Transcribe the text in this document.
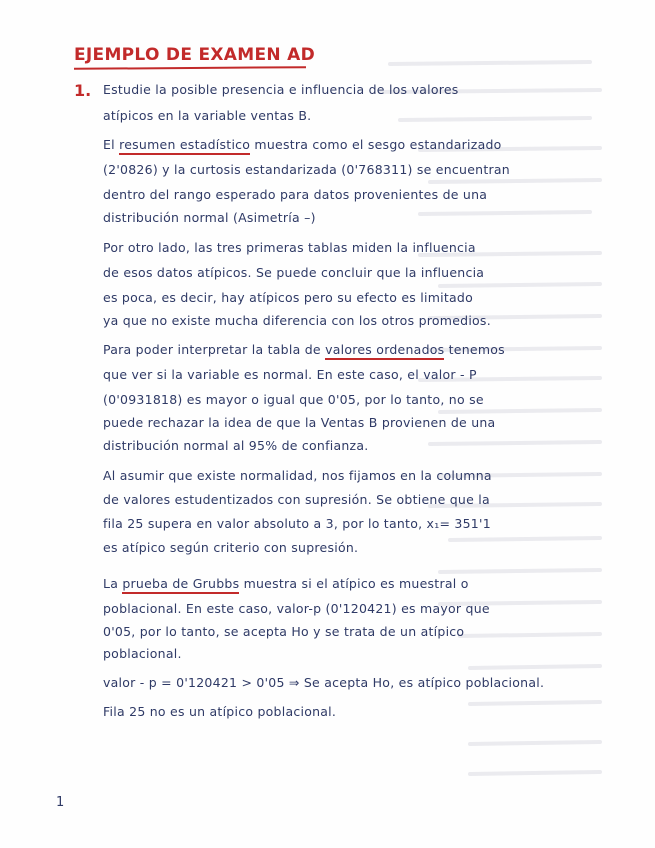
EJEMPLO DE EXAMEN AD
1. Estudie la posible presencia e influencia de los valores
atípicos en la variable ventas B.
El resumen estadístico muestra como el sesgo estandarizado
(2'0826) y la curtosis estandarizada (0'768311) se encuentran
dentro del rango esperado para datos provenientes de una
distribución normal (Asimetría –)
Por otro lado, las tres primeras tablas miden la influencia
de esos datos atípicos. Se puede concluir que la influencia
es poca, es decir, hay atípicos pero su efecto es limitado
ya que no existe mucha diferencia con los otros promedios.
Para poder interpretar la tabla de valores ordenados tenemos
que ver si la variable es normal. En este caso, el valor - P
(0'0931818) es mayor o igual que 0'05, por lo tanto, no se
puede rechazar la idea de que la Ventas B provienen de una
distribución normal al 95% de confianza.
Al asumir que existe normalidad, nos fijamos en la columna
de valores estudentizados con supresión. Se obtiene que la
fila 25 supera en valor absoluto a 3, por lo tanto, x₁= 351'1
es atípico según criterio con supresión.
La prueba de Grubbs muestra si el atípico es muestral o
poblacional. En este caso, valor-p (0'120421) es mayor que
0'05, por lo tanto, se acepta Ho y se trata de un atípico
poblacional.
valor - p = 0'120421 > 0'05 ⇒ Se acepta Ho, es atípico poblacional.
Fila 25 no es un atípico poblacional.
1
